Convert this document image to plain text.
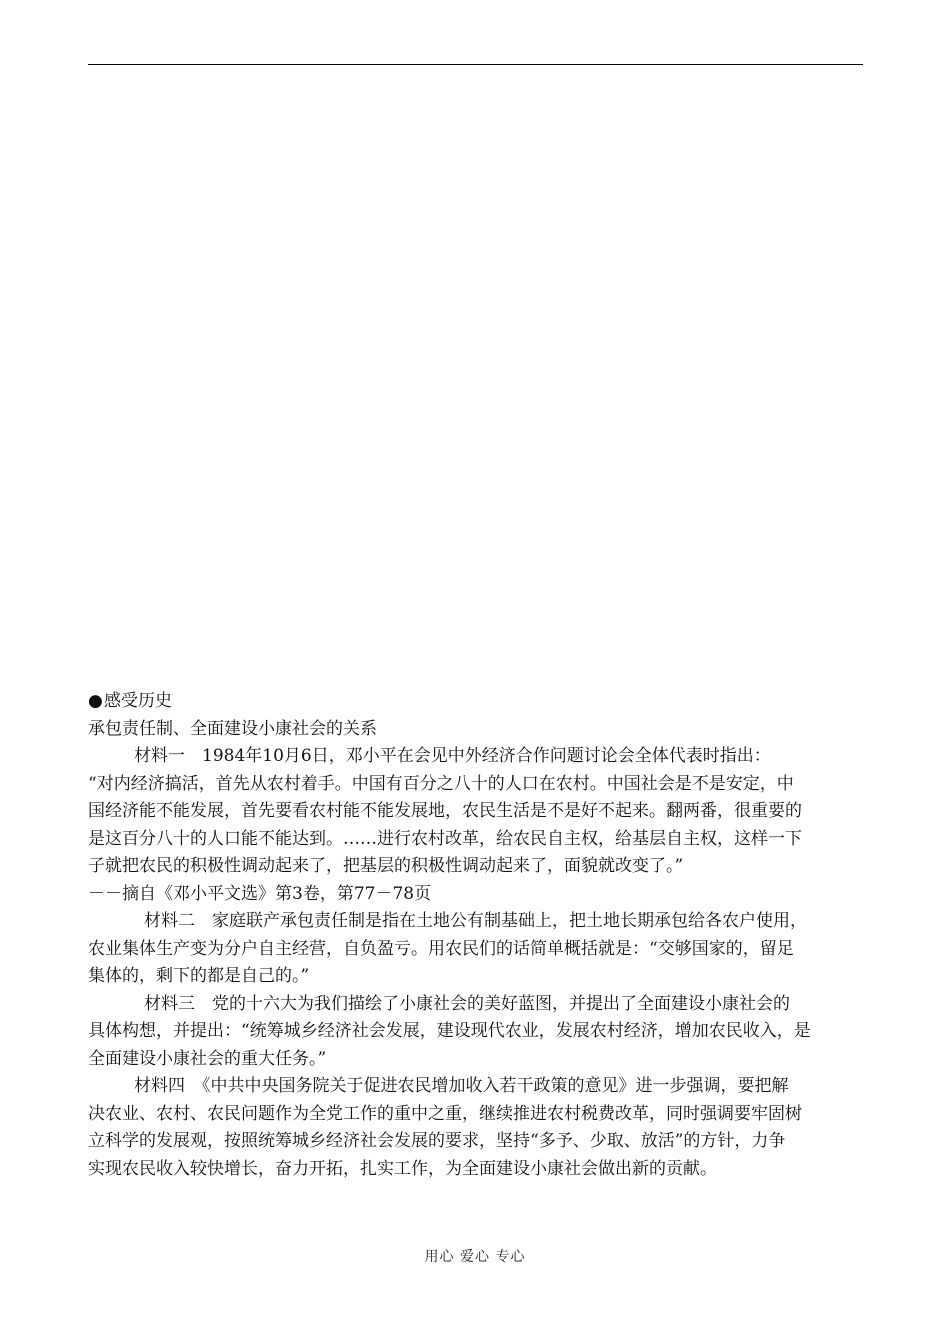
●感受历史
承包责任制、全面建设小康社会的关系
材料一　1984年10月6日，邓小平在会见中外经济合作问题讨论会全体代表时指出：
“对内经济搞活，首先从农村着手。中国有百分之八十的人口在农村。中国社会是不是安定，中
国经济能不能发展，首先要看农村能不能发展地，农民生活是不是好不起来。翻两番，很重要的
是这百分八十的人口能不能达到。……进行农村改革，给农民自主权，给基层自主权，这样一下
子就把农民的积极性调动起来了，把基层的积极性调动起来了，面貌就改变了。”
－－摘自《邓小平文选》第3卷，第77－78页
材料二　家庭联产承包责任制是指在土地公有制基础上，把土地长期承包给各农户使用，
农业集体生产变为分户自主经营，自负盈亏。用农民们的话简单概括就是：“交够国家的，留足
集体的，剩下的都是自己的。”
材料三　党的十六大为我们描绘了小康社会的美好蓝图，并提出了全面建设小康社会的
具体构想，并提出：“统筹城乡经济社会发展，建设现代农业，发展农村经济，增加农民收入，是
全面建设小康社会的重大任务。”
材料四　《中共中央国务院关于促进农民增加收入若干政策的意见》进一步强调，要把解
决农业、农村、农民问题作为全党工作的重中之重，继续推进农村税费改革，同时强调要牢固树
立科学的发展观，按照统筹城乡经济社会发展的要求，坚持“多予、少取、放活”的方针，力争
实现农民收入较快增长，奋力开拓，扎实工作，为全面建设小康社会做出新的贡献。
用心 爱心 专心
